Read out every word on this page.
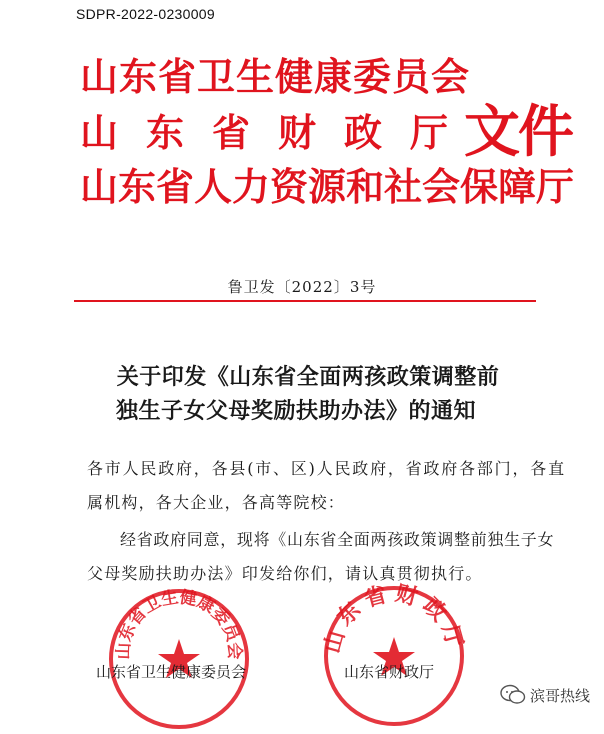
SDPR-2022-0230009
山东省卫生健康委员会
山东省财政厅
山东省人力资源和社会保障厅
文件
鲁卫发〔2022〕3号
关于印发《山东省全面两孩政策调整前
独生子女父母奖励扶助办法》的通知
各市人民政府，各县(市、区)人民政府，省政府各部门，各直
属机构，各大企业，各高等院校：
经省政府同意，现将《山东省全面两孩政策调整前独生子女
父母奖励扶助办法》印发给你们，请认真贯彻执行。
山东省卫生健康委员会	山东省财政厅
山东省卫生健康委员会	山东省财政厅
滨哥热线
